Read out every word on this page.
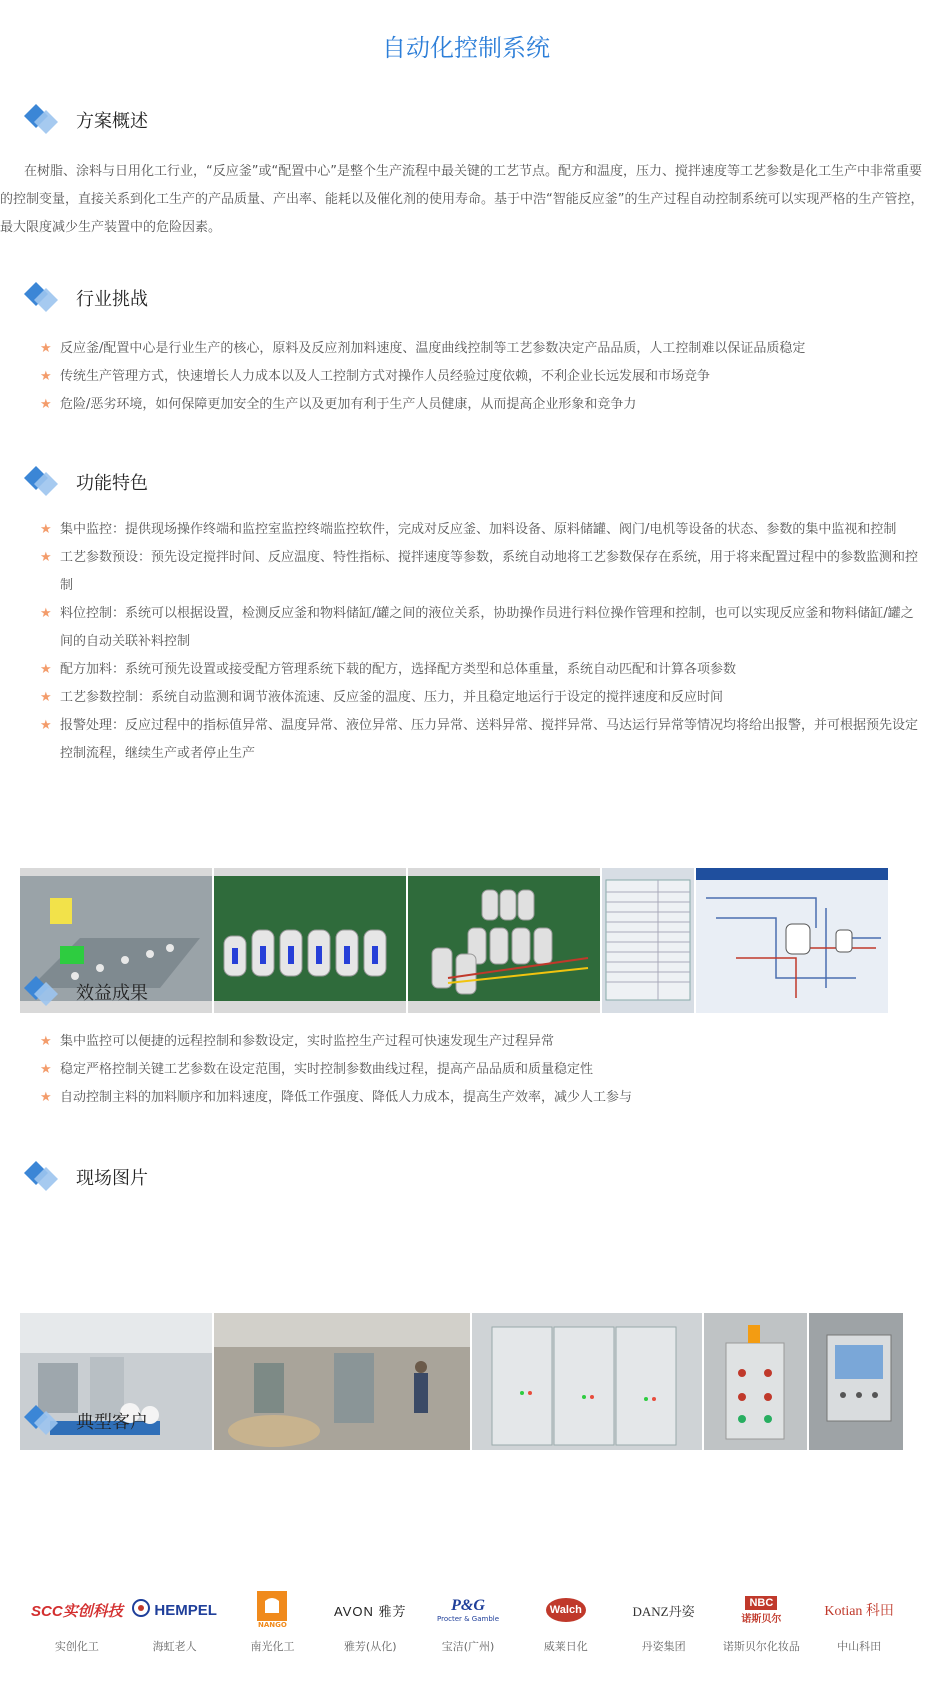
自动化控制系统
方案概述
在树脂、涂料与日用化工行业，“反应釜”或“配置中心”是整个生产流程中最关键的工艺节点。配方和温度，压力、搅拌速度等工艺参数是化工生产中非常重要的控制变量，直接关系到化工生产的产品质量、产出率、能耗以及催化剂的使用寿命。基于中浩“智能反应釜”的生产过程自动控制系统可以实现严格的生产管控，最大限度减少生产装置中的危险因素。
行业挑战
★ 反应釜/配置中心是行业生产的核心，原料及反应剂加料速度、温度曲线控制等工艺参数决定产品品质，人工控制难以保证品质稳定
★ 传统生产管理方式，快速增长人力成本以及人工控制方式对操作人员经验过度依赖，不利企业长远发展和市场竞争
★ 危险/恶劣环境，如何保障更加安全的生产以及更加有利于生产人员健康，从而提高企业形象和竞争力
功能特色
★ 集中监控：提供现场操作终端和监控室监控终端监控软件，完成对反应釜、加料设备、原料储罐、阀门/电机等设备的状态、参数的集中监视和控制
★ 工艺参数预设：预先设定搅拌时间、反应温度、特性指标、搅拌速度等参数，系统自动地将工艺参数保存在系统，用于将来配置过程中的参数监测和控制
★ 料位控制：系统可以根据设置，检测反应釜和物料储缸/罐之间的液位关系，协助操作员进行料位操作管理和控制，也可以实现反应釜和物料储缸/罐之间的自动关联补料控制
★ 配方加料：系统可预先设置或接受配方管理系统下载的配方，选择配方类型和总体重量，系统自动匹配和计算各项参数
★ 工艺参数控制：系统自动监测和调节液体流速、反应釜的温度、压力，并且稳定地运行于设定的搅拌速度和反应时间
★ 报警处理：反应过程中的指标值异常、温度异常、液位异常、压力异常、送料异常、搅拌异常、马达运行异常等情况均将给出报警，并可根据预先设定控制流程，继续生产或者停止生产
效益成果
★ 集中监控可以便捷的远程控制和参数设定，实时监控生产过程可快速发现生产过程异常
★ 稳定严格控制关键工艺参数在设定范围，实时控制参数曲线过程，提高产品品质和质量稳定性
★ 自动控制主料的加料顺序和加料速度，降低工作强度、降低人力成本，提高生产效率，减少人工参与
现场图片
典型客户
SCC实创科技
实创化工
HEMPEL
海虹老人
NANGO
南光化工
AVON 雅芳
雅芳(从化)
P&G
Procter & Gamble
宝洁(广州)
Walch
威莱日化
DANZ丹姿
丹姿集团
NBC
诺斯贝尔
诺斯贝尔化妆品
Kotian 科田
中山科田
